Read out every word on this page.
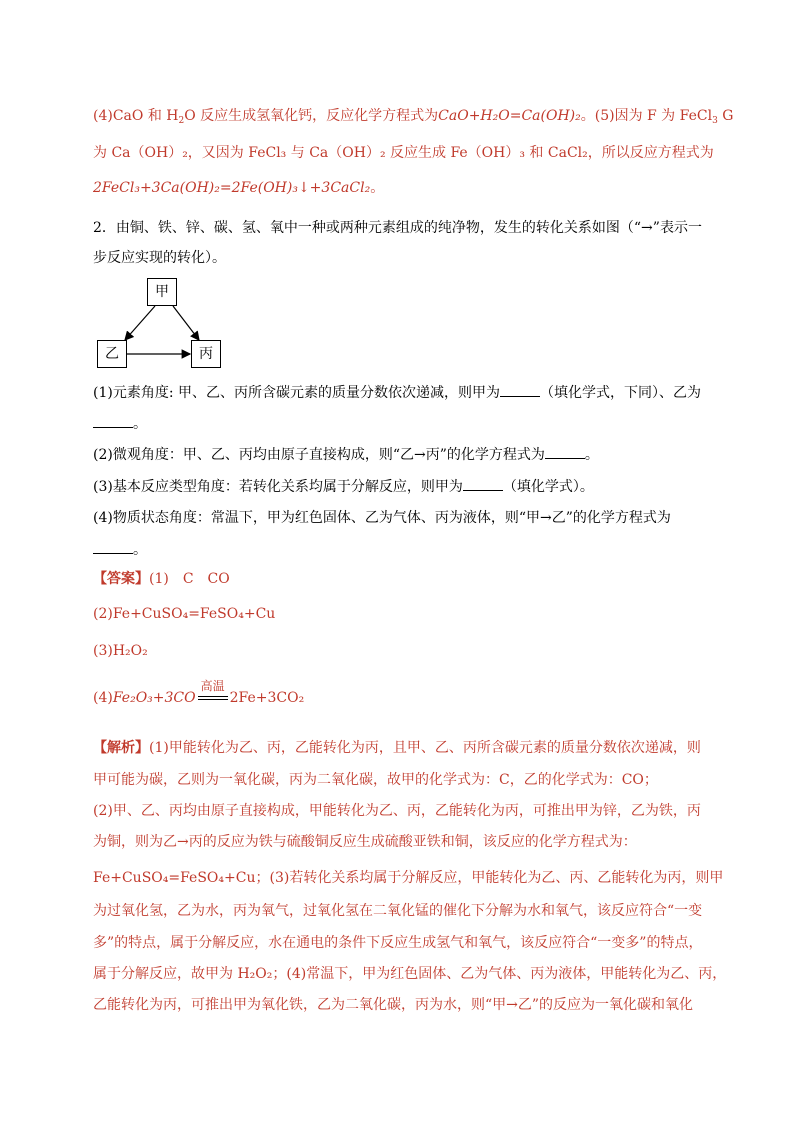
(4)CaO 和 $H_2O$ 反应生成氢氧化钙，反应化学方程式为CaO+H₂O=Ca(OH)₂。(5)因为 F 为 FeCl$_3$ G
为 Ca（OH）₂，又因为 FeCl₃ 与 Ca（OH）₂ 反应生成 Fe（OH）₃ 和 CaCl₂，所以反应方程式为
2FeCl₃+3Ca(OH)₂=2Fe(OH)₃↓+3CaCl₂。
2．由铜、铁、锌、碳、氢、氧中一种或两种元素组成的纯净物，发生的转化关系如图（“→”表示一
步反应实现的转化）。
甲
乙	丙
(1)元素角度: 甲、乙、丙所含碳元素的质量分数依次递减，则甲为	（填化学式，下同）、乙为
。
(2)微观角度：甲、乙、丙均由原子直接构成，则“乙→丙”的化学方程式为	。
(3)基本反应类型角度：若转化关系均属于分解反应，则甲为	（填化学式）。
(4)物质状态角度：常温下，甲为红色固体、乙为气体、丙为液体，则“甲→乙”的化学方程式为
。
【答案】(1)　C　CO
(2)Fe+CuSO₄=FeSO₄+Cu
(3)H₂O₂
(4)Fe₂O₃+3CO
高温
2Fe+3CO₂
【解析】(1)甲能转化为乙、丙，乙能转化为丙，且甲、乙、丙所含碳元素的质量分数依次递减，则
甲可能为碳，乙则为一氧化碳，丙为二氧化碳，故甲的化学式为：C，乙的化学式为：CO；
(2)甲、乙、丙均由原子直接构成，甲能转化为乙、丙，乙能转化为丙，可推出甲为锌，乙为铁，丙
为铜，则为乙→丙的反应为铁与硫酸铜反应生成硫酸亚铁和铜，该反应的化学方程式为：
Fe+CuSO₄=FeSO₄+Cu；(3)若转化关系均属于分解反应，甲能转化为乙、丙、乙能转化为丙，则甲
为过氧化氢，乙为水，丙为氧气，过氧化氢在二氧化锰的催化下分解为水和氧气，该反应符合“一变
多”的特点，属于分解反应，水在通电的条件下反应生成氢气和氧气，该反应符合“一变多”的特点，
属于分解反应，故甲为 H₂O₂；(4)常温下，甲为红色固体、乙为气体、丙为液体，甲能转化为乙、丙，
乙能转化为丙，可推出甲为氧化铁，乙为二氧化碳，丙为水，则“甲→乙”的反应为一氧化碳和氧化
